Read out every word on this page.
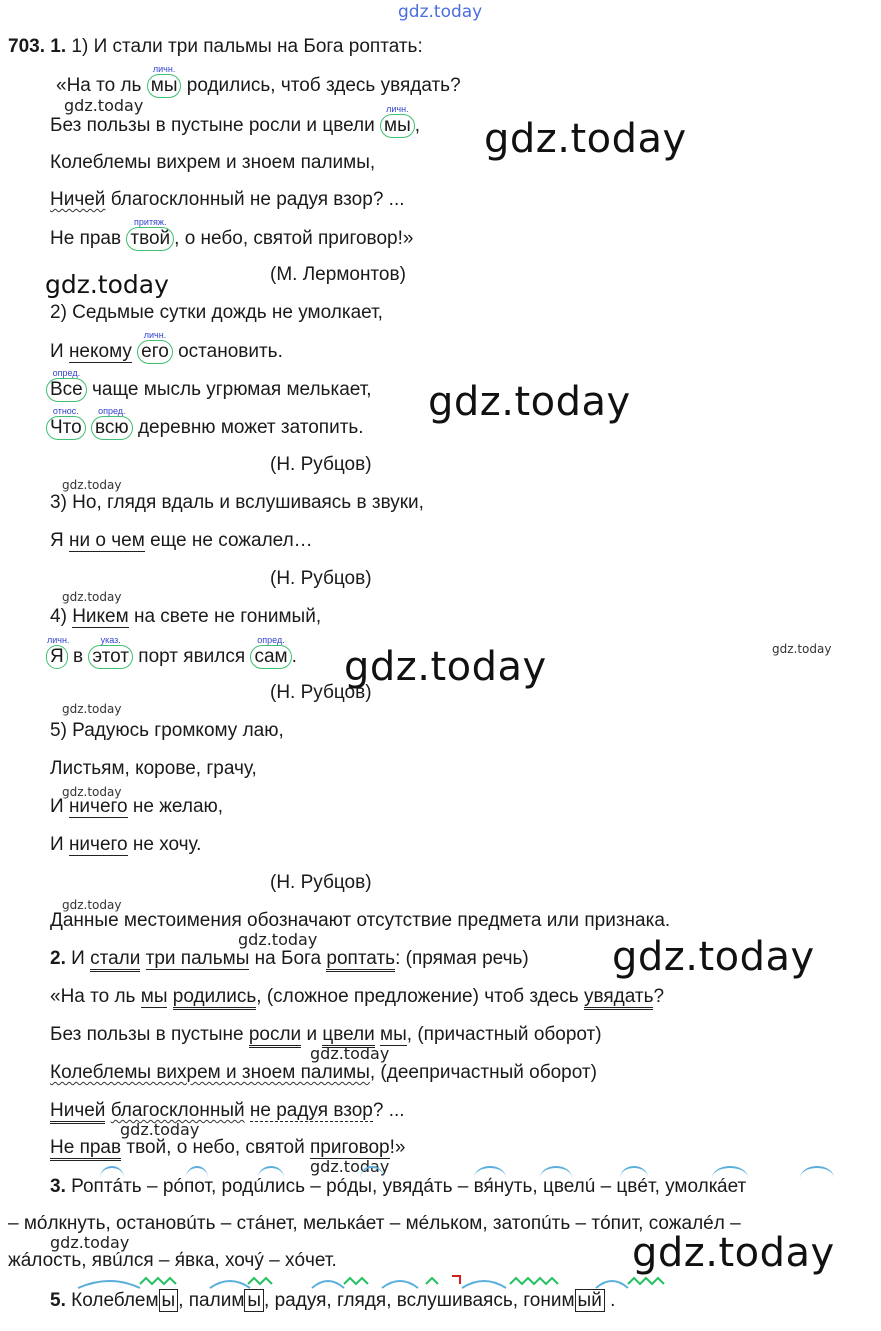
gdz.today
703. 1. 1) И стали три пальмы на Бога роптать:
«На то ль
личн.
мы родились, чтоб здесь увядать?
gdz.today
Без пользы в пустыне росли и цвели
личн.
мы , gdz.today
Колеблемы вихрем и зноем палимы,
Ничей благосклонный не радуя взор? ...
Не прав
притяж.
твой , о небо, святой приговор!»
(М. Лермонтов)
gdz.today
2) Седьмые сутки дождь не умолкает,
И некому
личн.
его остановить.
опред.
Все чаще мысль угрюмая мелькает, gdz.today
относ.
Что
опред.
всю деревню может затопить.
(Н. Рубцов)
gdz.today
3) Но, глядя вдаль и вслушиваясь в звуки,
Я ни о чем еще не сожалел…
(Н. Рубцов)
gdz.today
4) Никем на свете не гонимый,
личн.
Я в
указ.
этот порт явился
опред.
сам . gdz.today	gdz.today
(Н. Рубцов)
gdz.today
5) Радуюсь громкому лаю,
Листьям, корове, грачу,
gdz.today
И ничего не желаю,
И ничего не хочу.
(Н. Рубцов)
gdz.today
Данные местоимения обозначают отсутствие предмета или признака.
gdz.today
2. И стали три пальмы на Бога роптать: (прямая речь) gdz.today
«На то ль мы родились, (сложное предложение) чтоб здесь увядать?
Без пользы в пустыне росли и цвели мы, (причастный оборот)
gdz.today
Колеблемы вихрем и зноем палимы, (деепричастный оборот)
Ничей благосклонный не радуя взор? ...
gdz.today
Не прав твой, о небо, святой приговор!»
gdz.today
3. Роптáть – рóпот, родúлись – рóды, увядáть – вя́нуть, цвелú – цвéт, умолкáет
– мóлкнуть, остановúть – стáнет, мелькáет – мéльком, затопúть – тóпит, сожалéл –
gdz.today
жáлость, явúлся – я́вка, хочý – хóчет.	gdz.today
5. Колеблем ы , палим ы , радуя, глядя, вслушиваясь, гоним ый .
